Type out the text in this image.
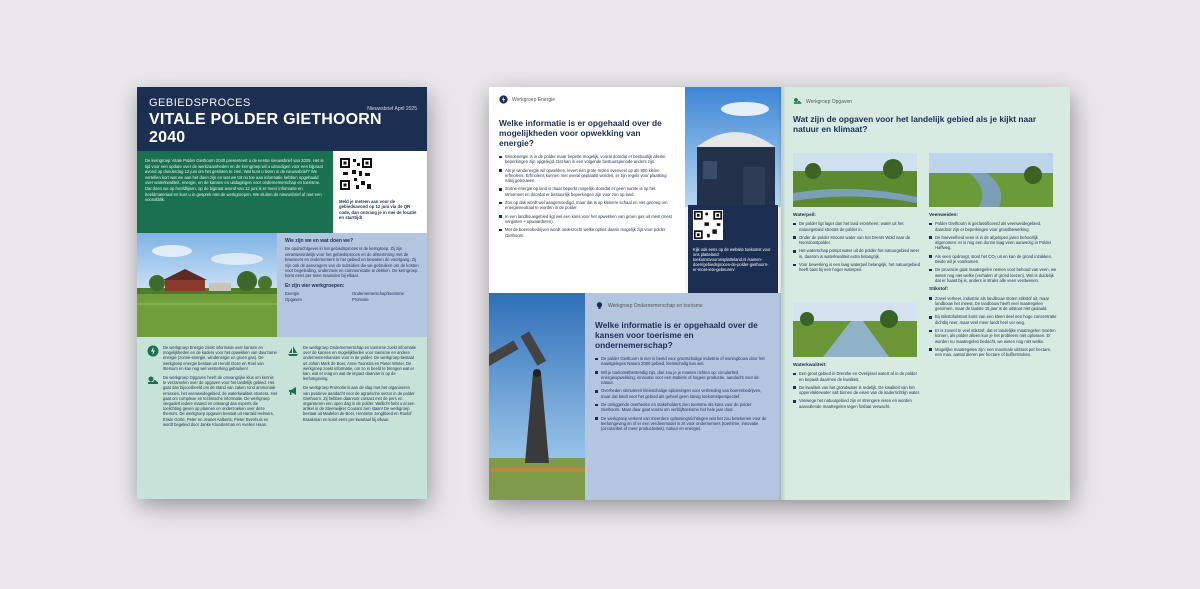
GEBIEDSPROCES
VITALE POLDER GIETHOORN 2040
Nieuwsbrief April 2025
De kerngroep Vitale Polder Giethoorn 2040 presenteert u de eerste nieuwsbrief van 2025. Het is tijd voor een update over de werkzaamheden en de kerngroep wil u uitnodigen voor een bijpraat avond op donderdag 12 juni om het gesloten te zien. Wat kunt u lezen in de nieuwsbrief? We vertellen kort wat we aan het doen zijn en wat we tot nu toe aan informatie hebben opgehaald over waterkwaliteit, energie, en de kansen en uitdagingen voor ondernemerschap en toerisme. Dat doen we op hoofdlijnen, op de bijpraat avond van 12 juni is er meer informatie en beeldmateriaal en kunt u in gesprek met de werkgroepen. We sluiten de nieuwsbrief af met een vooruitblik.	Meld je meteen aan voor de gebiedsavond op 12 juni via de QR code, dan ontvang je in mei de locatie en starttijd!
Wie zijn we en wat doen we?
De opdrachtgever in het gebiedsproces is de kerngroep. Zij zijn verantwoordelijk voor het gebiedsproces en de afstemming met de bewoners en ondernemers in het gebied en bewaken de voortgang. Zij zijn ook de aanvragers van de subsidies die we gebruiken om de kosten voor begeleiding, onderzoek en communicatie te dekken. De kerngroep komt eens per twee maanden bij elkaar.
Er zijn vier werkgroepen:
Energie	Ondernemerschap/toerisme
Opgaven	Promotie
De werkgroep Energie zoekt informatie over kansen en mogelijkheden en de kaders voor het opwekken van duurzame energie (zonne-energie, windenergie en groen gas). De werkgroep energie bestaat uit Hendri Doze en Roel van Ittersum en kan nog wel versterking gebruiken!
De werkgroep Opgaven heeft de omvangrijke klus om kennis te verzamelen over de opgaven voor het landelijk gebied. Het gaat dan bijvoorbeeld om de stand van zaken rond ammoniak-emissies, het veenweidegebied, de waterkwaliteit etcetera. Het gaat om complexe en technische informatie. De werkgroep vergadert iedere maand en ontvangt dan experts die toelichting geven op plannen en onderzoeken over deze thema's. De werkgroep opgaven bestaat uit Harrald Helmers, Erwin Gorte, Peter en Jeanet Aalberts, Pieter Evenhuis en wordt begeleid door Janke Kloosterman en Avelien Haan.
De werkgroep Ondernemerschap en toerisme zoekt informatie over de kansen en mogelijkheden voor toerisme en andere ondernemerskansen voor in de polder. De werkgroep bestaat uit Johan Mark de Boer, Anne Toonstra en Pieter Winter. De werkgroep zoekt informatie, om zo in beeld te brengen wat er kan, wat er mag en wat de impact daarvan is op de leefomgeving.
De werkgroep Promotie is aan de slag met het organiseren van positieve aandacht voor de agrarische sector in de polder Giethoorn. Zij hebben daarvoor contact met de pers en organiseren een open dag in de polder. Wellicht hebt u al een artikel in de Steenwijker Courant zien staan! De werkgroep bestaat uit Madelon de Boer, Henriette Jongbloed en Roelof Braakman en komt eens per kwartaal bij elkaar.
Werkgroep Energie
Welke informatie is er opgehaald over de mogelijkheden voor opwekking van energie?
Windenergie is in de polder maar beperkt mogelijk, vooral doordat er bestuurlijk allerlei beperkingen zijn opgelegd. Dat kan in een volgende bestuursperiode anders zijn.
Als je windenergie wil opwekken, levert één grote molen evenveel op als 800 kleine erfmolens. Erfmolens kunnen met overal geplaatst worden, er zijn regels voor plaatsing nabij gebouwen.
Zonne-energie op land is maar beperkt mogelijk, doordat er geen ruimte is op het stroomnet en doordat er bestuurlijk beperkingen zijn voor zon op land.
Zon op dak wordt wel aangemoedigd, maar dat is op kleinere schaal en niet genoeg om energieneutraal te worden in de polder.
In een landbouwgebied ligt wel een kans voor het opwekken van groen gas uit mest (mest vergisten + opwaarderen).
Met de boerenbedrijven wordt onderzocht welke opties daarin mogelijk zijn voor polder Giethoorn.
Kijk ook eens op de website toekomst voor ons platteland: toekomstvooronsplatteland.nl /samen-doen/gebiedsproces-de-polder-giethoorn-er-moet-iets-gebeuren/
Werkgroep Ondernemerschap en toerisme
Welke informatie is er opgehaald over de kansen voor toerisme en ondernemerschap?
De polder Giethoorn is niet in beeld voor grootschalige industrie of woningbouw door het naastgelegen Natura 2000 gebied, kleinschalig kan wel.
Wil je toekomstbestendig zijn, dan zou je je moeten richten op: circulariteit, energieopwekking, innovatie voor een stabiele of hogere productie, aandacht voor de natuur.
Overheden stimuleren kleinschalige oplossingen voor verbreding van boerenbedrijven, maar dat biedt voor het gebied als geheel geen stevig toekomstperspectief.
De omliggende overheden en stakeholders zien toerisme als kans voor de polder Giethoorn. Maar daar gaat vooral om verblijftoerisme het hele jaar door.
De werkgroep verkent van meerdere oplossingsrichtingen wat het zou betekenen voor de leefomgeving en of er een verdienmodel in zit voor ondernemers (toerisme, innovatie (circulariteit of meer productiviteit), natuur en energie).
Werkgroep Opgaven
Wat zijn de opgaven voor het landelijk gebied als je kijkt naar natuur en klimaat?
Waterpeil:
De polder ligt lager dan het land eromheen: water uit het natuurgebied stroomt de polder in.
Onder de polder stroomt water van het Drents Wold naar de Noordoostpolder.
Het waterschap pompt water uit de polder het natuurgebied weer in, daarom is waterkwaliteit extra belangrijk.
Voor bewerking is een laag waterpeil belangrijk, het natuurgebied heeft baat bij een hoger waterpeil.
Waterkwaliteit:
Een groot gebied in Drenthe en Overijssel watert af in de polder en bepaalt daarmee de kwaliteit.
De kwaliteit van het grondwater is redelijk. De kwaliteit van het oppervlaktewater valt binnen de eisen van de kaderrichtlijn water.
Vanwege het natuurgebied zijn er strengere eisen en worden aanvullende maatregelen tegen fosfaat verwacht.
Veenweiden:
Polder Giethoorn is geclassificeerd als veenweidegebied, daardoor zijn er beperkingen voor grondbewerking.
De hoeveelheid veen is in de afgelopen jaren behoorlijk afgenomen: er is nog een dunne laag veen aanwezig in Polder Haffweg.
Als veen opdroogt, stoot het CO₂ uit en kan de grond inzakken. Beide wil je voorkomen.
De provincie gaat maatregelen nemen voor behoud van veen, we weten nog niet welke (verhalen of grond kiezen). Wel is duidelijk dat er haast bij is, anders is straks alle veen verdwenen.
Stikstof:
Zowel verkeer, industrie als landbouw stoten stikstof uit, maar landbouw het meest. De landbouw heeft veel maatregelen genomen, maar de laatste 15 jaar is de uitstoot niet gedaald.
Bij stikstofuitstoot komt van een kleen deel een hoge concentratie dichtbij neer, maar veel meer landt heel ver weg.
Er is zoveel te veel stikstof, dat er landelijke maatregelen moeten komen, als polder alleen kun je het probleem niet oplossen. Er worden nu maatregelen bedacht, we weten nog niet welke.
Mogelijke maatregelen zijn: een maximale uitstoot per hectare, een max. aantal dieren per hectare of bufferstroken.
